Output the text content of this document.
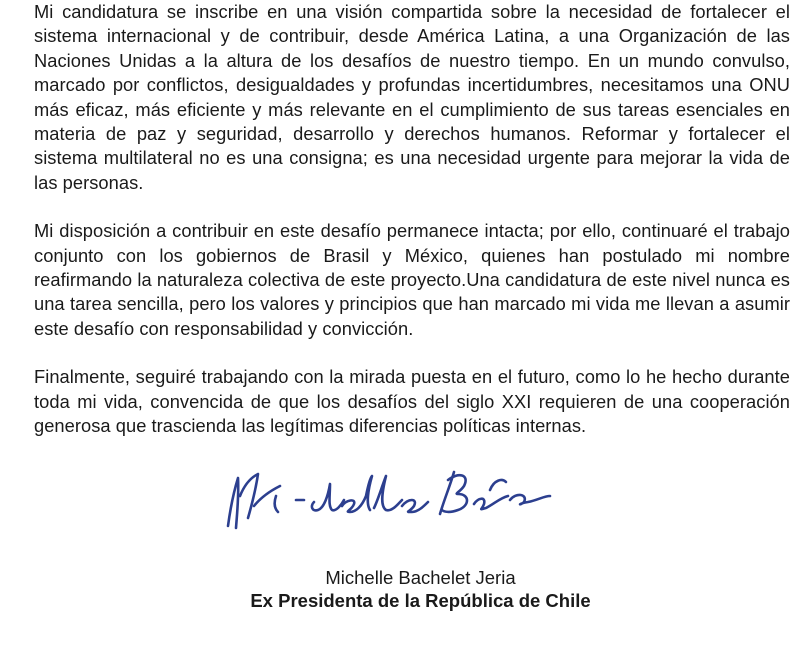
Mi candidatura se inscribe en una visión compartida sobre la necesidad de fortalecer el sistema internacional y de contribuir, desde América Latina, a una Organización de las Naciones Unidas a la altura de los desafíos de nuestro tiempo. En un mundo convulso, marcado por conflictos, desigualdades y profundas incertidumbres, necesitamos una ONU más eficaz, más eficiente y más relevante en el cumplimiento de sus tareas esenciales en materia de paz y seguridad, desarrollo y derechos humanos. Reformar y fortalecer el sistema multilateral no es una consigna; es una necesidad urgente para mejorar la vida de las personas.

Mi disposición a contribuir en este desafío permanece intacta; por ello, continuaré el trabajo conjunto con los gobiernos de Brasil y México, quienes han postulado mi nombre reafirmando la naturaleza colectiva de este proyecto.Una candidatura de este nivel nunca es una tarea sencilla, pero los valores y principios que han marcado mi vida me llevan a asumir este desafío con responsabilidad y convicción.

Finalmente, seguiré trabajando con la mirada puesta en el futuro, como lo he hecho durante toda mi vida, convencida de que los desafíos del siglo XXI requieren de una cooperación generosa que trascienda las legítimas diferencias políticas internas.

Michelle Bachelet Jeria
Ex Presidenta de la República de Chile
